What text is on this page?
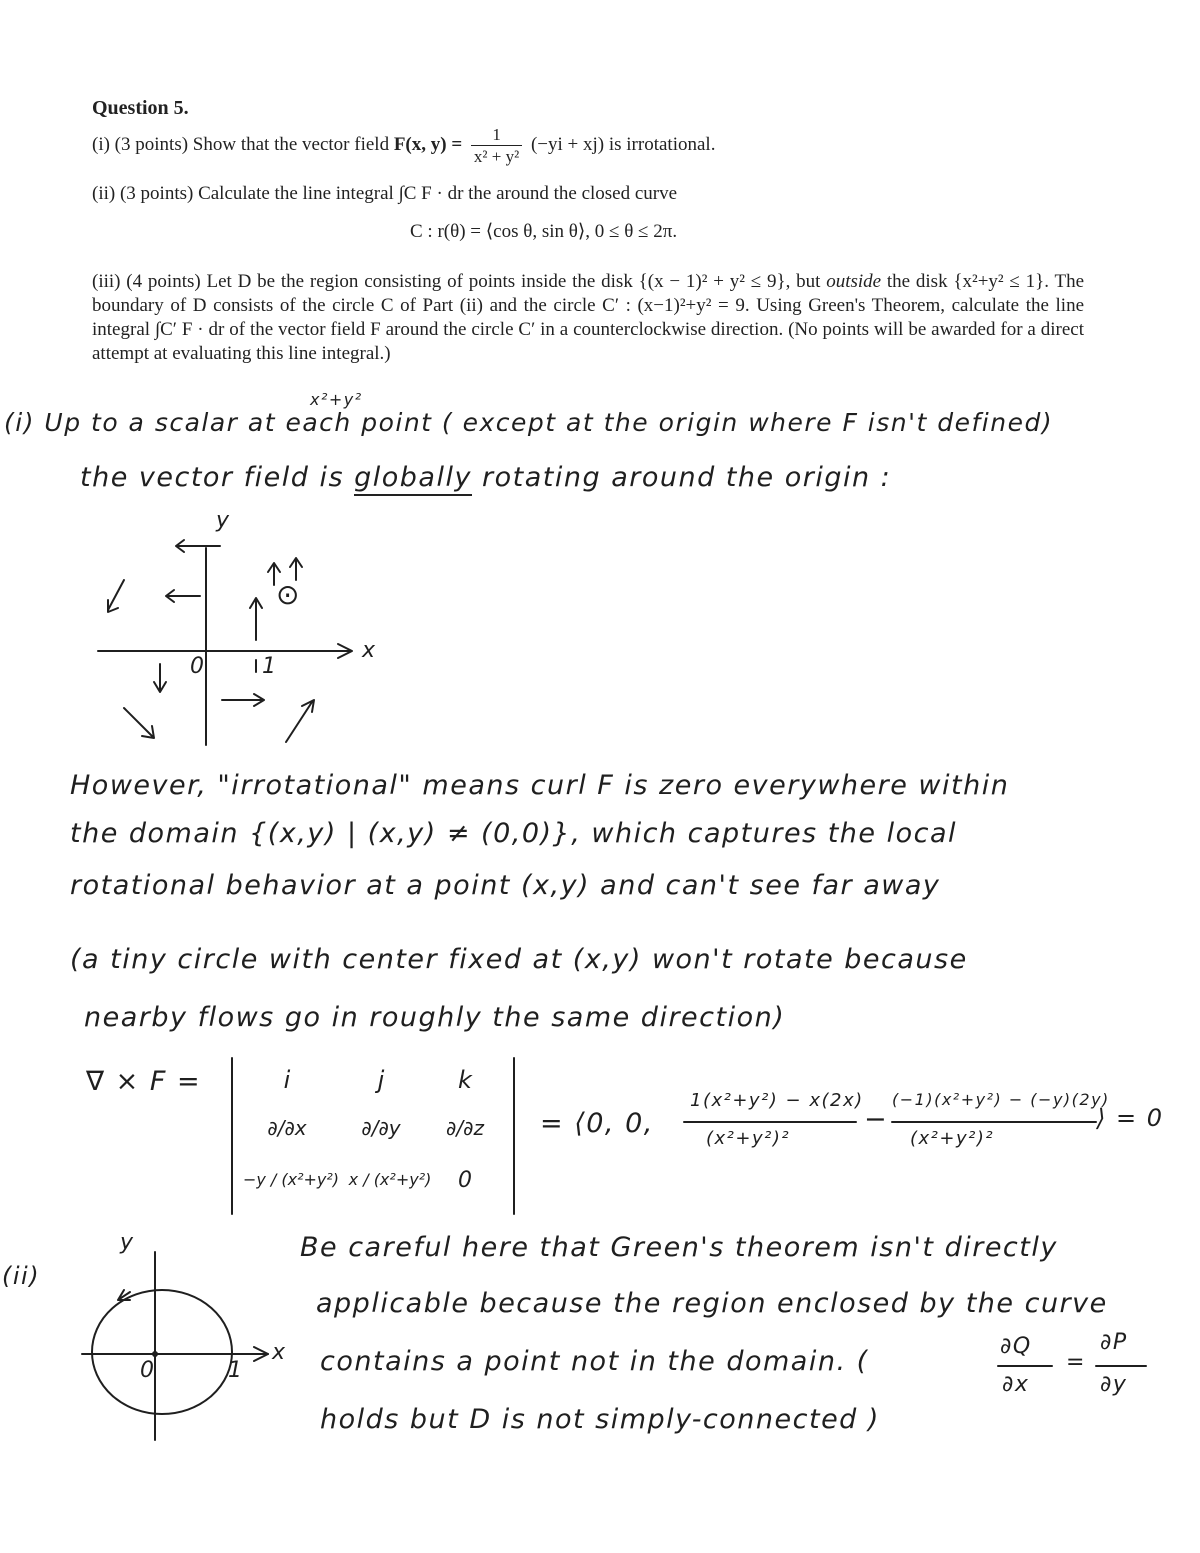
Question 5.
(i) (3 points) Show that the vector field F(x, $y) = \frac{1}{\text{x² + y²}} (-yi + xj)$ is irrotational.
(ii) (3 points) Calculate the line integral ∫C F · dr the around the closed curve
C : r(θ) = ⟨cos θ, sin θ⟩, 0 ≤ θ ≤ 2π.
(iii) (4 points) Let D be the region consisting of points inside the disk {(x − 1)² + y² ≤ 9}, but outside the disk {x²+y² ≤ 1}. The boundary of D consists of the circle C of Part (ii) and the circle C′ : (x−1)²+y² = 9. Using Green's Theorem, calculate the line integral ∫C′ F · dr of the vector field F around the circle C′ in a counterclockwise direction. (No points will be awarded for a direct attempt at evaluating this line integral.)
x²+y²
(i) Up to a scalar at each point ( except at the origin where F isn't defined)
the vector field is globally rotating around the origin :
y
x
0	1
⊙
However, "irrotational" means curl F is zero everywhere within
the domain {(x,y) | (x,y) ≠ (0,0)}, which captures the local
rotational behavior at a point (x,y) and can't see far away
(a tiny circle with center fixed at (x,y) won't rotate because
nearby flows go in roughly the same direction)
∇ × F =	i	j	k
∂/∂x	∂/∂y	∂/∂z
−y / (x²+y²) x / (x²+y²)	0
= ⟨0, 0,
1(x²+y²) − x(2x)
(x²+y²)²
−
(−1)(x²+y²) − (−y)(2y)
(x²+y²)²
⟩ = 0
(ii)
y
x
0	1
Be careful here that Green's theorem isn't directly
applicable because the region enclosed by the curve
contains a point not in the domain. (	∂Q
∂x
=
∂P
∂y
holds but D is not simply-connected )
